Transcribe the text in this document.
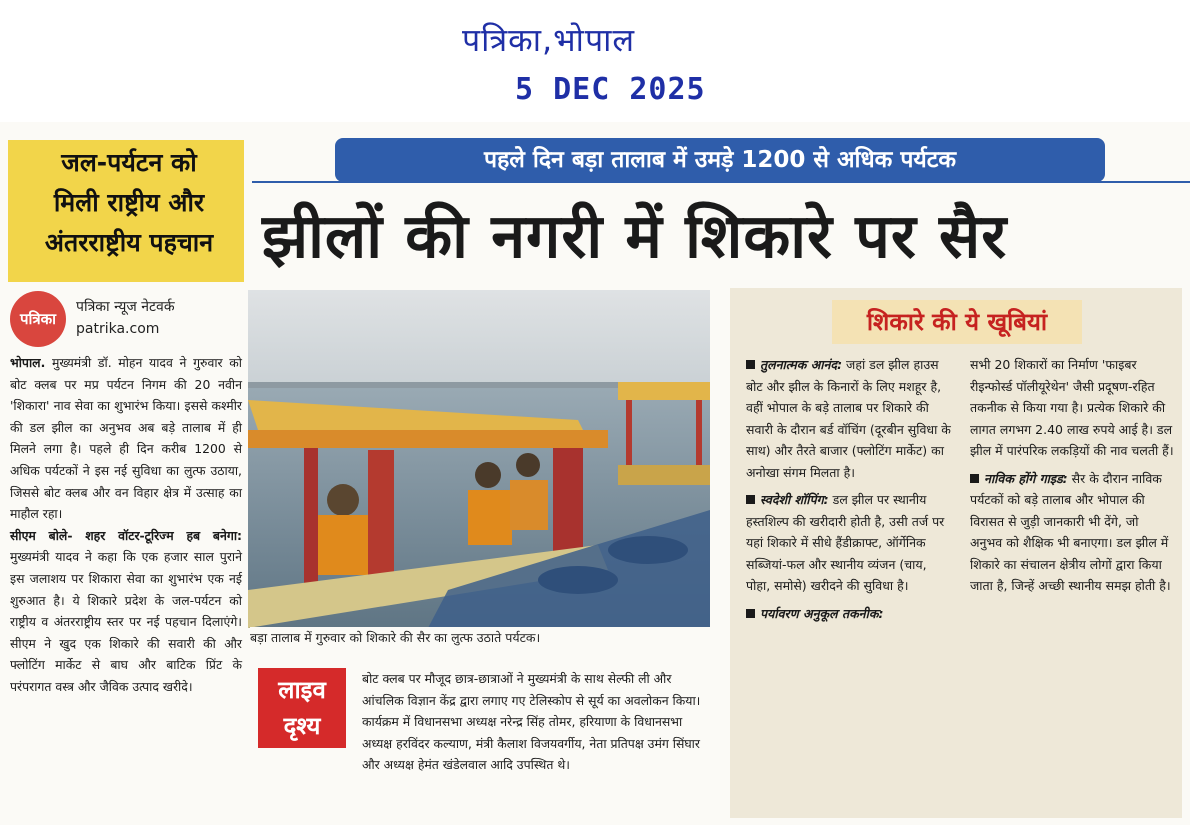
पत्रिका,भोपाल
5 DEC 2025
जल-पर्यटन को
मिली राष्ट्रीय और
अंतरराष्ट्रीय पहचान
पत्रिका
पत्रिका न्यूज नेटवर्क
patrika.com
भोपाल. मुख्यमंत्री डॉ. मोहन यादव ने गुरुवार को बोट क्लब पर मप्र पर्यटन निगम की 20 नवीन 'शिकारा' नाव सेवा का शुभारंभ किया। इससे कश्मीर की डल झील का अनुभव अब बड़े तालाब में ही मिलने लगा है। पहले ही दिन करीब 1200 से अधिक पर्यटकों ने इस नई सुविधा का लुत्फ उठाया, जिससे बोट क्लब और वन विहार क्षेत्र में उत्साह का माहौल रहा।
सीएम बोले- शहर वॉटर-टूरिज्म हब बनेगा: मुख्यमंत्री यादव ने कहा कि एक हजार साल पुराने इस जलाशय पर शिकारा सेवा का शुभारंभ एक नई शुरुआत है। ये शिकारे प्रदेश के जल-पर्यटन को राष्ट्रीय व अंतरराष्ट्रीय स्तर पर नई पहचान दिलाएंगे। सीएम ने खुद एक शिकारे की सवारी की और फ्लोटिंग मार्केट से बाघ और बाटिक प्रिंट के परंपरागत वस्त्र और जैविक उत्पाद खरीदे।
पहले दिन बड़ा तालाब में उमड़े 1200 से अधिक पर्यटक
झीलों की नगरी में शिकारे पर सैर
बड़ा तालाब में गुरुवार को शिकारे की सैर का लुत्फ उठाते पर्यटक।
लाइव
दृश्य
बोट क्लब पर मौजूद छात्र-छात्राओं ने मुख्यमंत्री के साथ सेल्फी ली और आंचलिक विज्ञान केंद्र द्वारा लगाए गए टेलिस्कोप से सूर्य का अवलोकन किया। कार्यक्रम में विधानसभा अध्यक्ष नरेन्द्र सिंह तोमर, हरियाणा के विधानसभा अध्यक्ष हरविंदर कल्याण, मंत्री कैलाश विजयवर्गीय, नेता प्रतिपक्ष उमंग सिंघार और अध्यक्ष हेमंत खंडेलवाल आदि उपस्थित थे।
शिकारे की ये खूबियां
तुलनात्मक आनंद: जहां डल झील हाउस बोट और झील के किनारों के लिए मशहूर है, वहीं भोपाल के बड़े तालाब पर शिकारे की सवारी के दौरान बर्ड वॉचिंग (दूरबीन सुविधा के साथ) और तैरते बाजार (फ्लोटिंग मार्केट) का अनोखा संगम मिलता है।
स्वदेशी शॉपिंग: डल झील पर स्थानीय हस्तशिल्प की खरीदारी होती है, उसी तर्ज पर यहां शिकारे में सीधे हैंडीक्राफ्ट, ऑर्गेनिक सब्जियां-फल और स्थानीय व्यंजन (चाय, पोहा, समोसे) खरीदने की सुविधा है।
पर्यावरण अनुकूल तकनीक:
सभी 20 शिकारों का निर्माण 'फाइबर रीइन्फोर्स्ड पॉलीयूरेथेन' जैसी प्रदूषण-रहित तकनीक से किया गया है। प्रत्येक शिकारे की लागत लगभग 2.40 लाख रुपये आई है। डल झील में पारंपरिक लकड़ियों की नाव चलती हैं।
नाविक होंगे गाइड: सैर के दौरान नाविक पर्यटकों को बड़े तालाब और भोपाल की विरासत से जुड़ी जानकारी भी देंगे, जो अनुभव को शैक्षिक भी बनाएगा। डल झील में शिकारे का संचालन क्षेत्रीय लोगों द्वारा किया जाता है, जिन्हें अच्छी स्थानीय समझ होती है।
